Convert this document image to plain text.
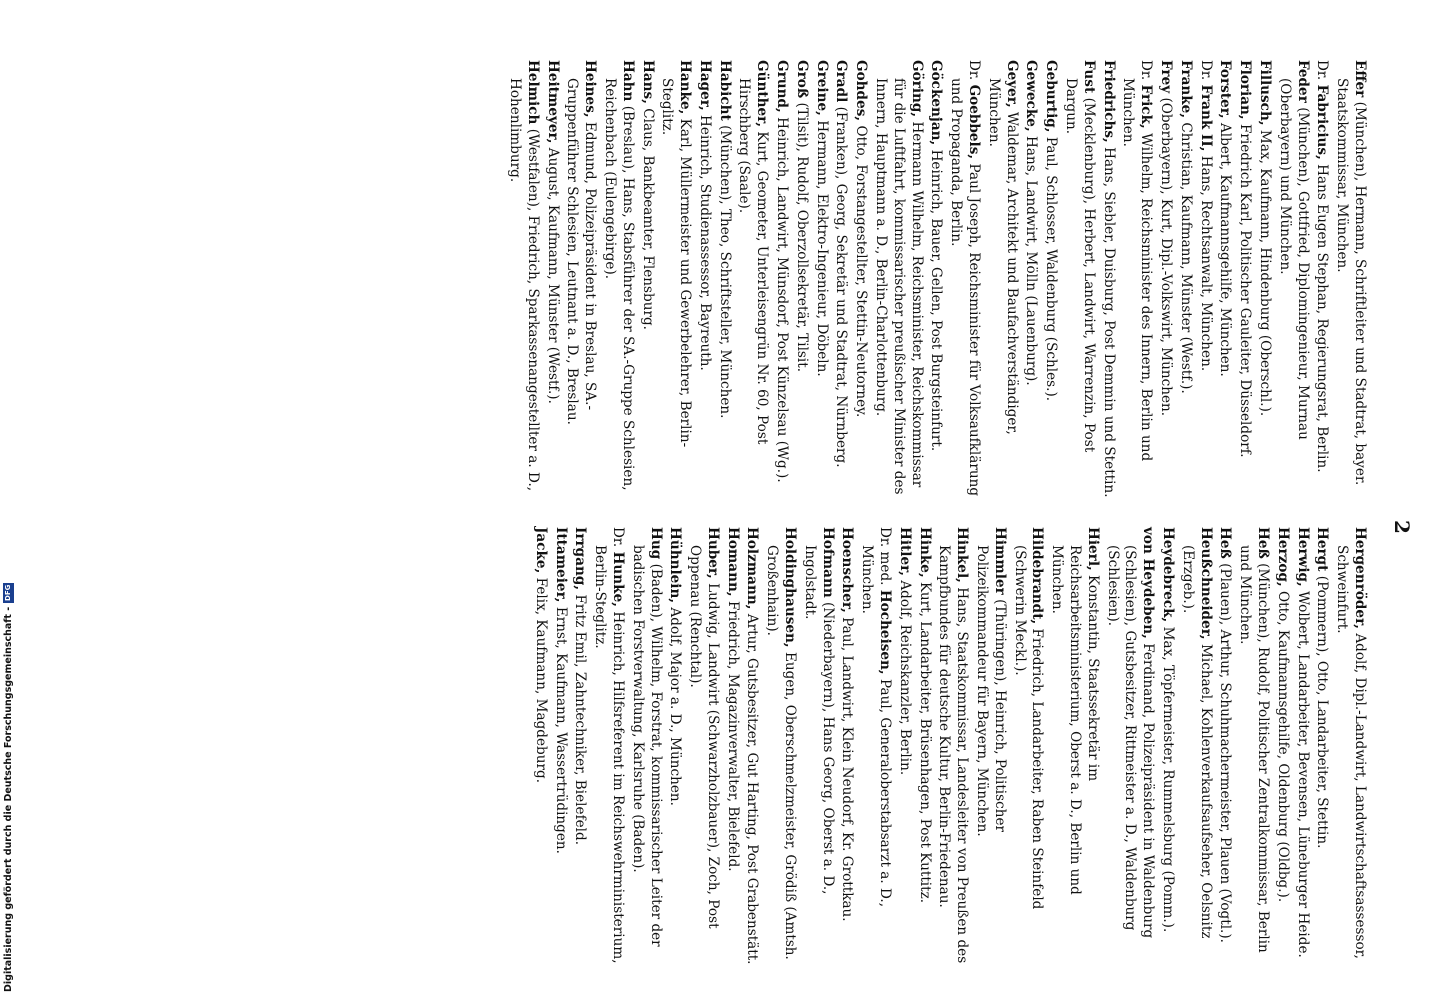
2
Effer (München), Hermann, Schriftleiter und Stadtrat, bayer. Staatskommissar, München.
Dr. Fabricius, Hans Eugen Stephan, Regierungsrat, Berlin.
Feder (München), Gottfried, Diplomingenieur, Murnau (Oberbayern) und München.
Fillusch, Max, Kaufmann, Hindenburg (Oberschl.).
Florian, Friedrich Karl, Politischer Gauleiter, Düsseldorf.
Forster, Albert, Kaufmannsgehilfe, München.
Dr. Frank II, Hans, Rechtsanwalt, München.
Franke, Christian, Kaufmann, Münster (Westf.).
Frey (Oberbayern), Kurt, Dipl.-Volkswirt, München.
Dr. Frick, Wilhelm, Reichsminister des Innern, Berlin und München.
Friedrichs, Hans, Siebler, Duisburg, Post Demmin und Stettin.
Fust (Mecklenburg), Herbert, Landwirt, Warrenzin, Post Dargun.
Geburtig, Paul, Schlosser, Waldenburg (Schles.).
Gewecke, Hans, Landwirt, Mölln (Lauenburg).
Geyer, Waldemar, Architekt und Baufachverständiger, München.
Dr. Goebbels, Paul Joseph, Reichsminister für Volksaufklärung und Propaganda, Berlin.
Göckenjan, Heinrich, Bauer, Gellen, Post Burgsteinfurt.
Göring, Hermann Wilhelm, Reichsminister, Reichskommissar für die Luftfahrt, kommissarischer preußischer Minister des Innern, Hauptmann a. D., Berlin-Charlottenburg.
Gohdes, Otto, Forstangestellter, Stettin-Neutorney.
Gradl (Franken), Georg, Sekretär und Stadtrat, Nürnberg.
Greine, Hermann, Elektro-Ingenieur, Döbeln.
Groß (Tilsit), Rudolf, Oberzollsekretär, Tilsit.
Grund, Heinrich, Landwirt, Münsdorf, Post Künzelsau (Wg.).
Günther, Kurt, Geometer, Unterleisengrün Nr. 60, Post Hirschberg (Saale).
Habicht (München), Theo, Schriftsteller, München.
Hager, Heinrich, Studienassessor, Bayreuth.
Hanke, Karl, Müllermeister und Gewerbelehrer, Berlin-Steglitz.
Hans, Claus, Bankbeamter, Flensburg.
Hahn (Breslau), Hans, Stabsführer der SA.-Gruppe Schlesien, Reichenbach (Eulengebirge).
Heines, Edmund, Polizeipräsident in Breslau, SA.-Gruppenführer Schlesien, Leutnant a. D., Breslau.
Heitmeyer, August, Kaufmann, Münster (Westf.).
Helmich (Westfalen), Friedrich, Sparkassenangestellter a. D., Hohenlimburg.
Hergenröder, Adolf, Dipl.-Landwirt, Landwirtschaftsassessor, Schweinfurt.
Hergt (Pommern), Otto, Landarbeiter, Stettin.
Herwig, Wolbert, Landarbeiter, Bevensen, Lüneburger Heide.
Herzog, Otto, Kaufmannsgehilfe, Oldenburg (Oldbg.).
Heß (München), Rudolf, Politischer Zentralkommissar, Berlin und München.
Heß (Plauen), Arthur, Schuhmachermeister, Plauen (Vogtl.).
Heußchneider, Michael, Kohlenverkaufsaufseher, Oelsnitz (Erzgeb.).
Heydebreck, Max, Töpfermeister, Rummelsburg (Pomm.).
von Heydeben, Ferdinand, Polizeipräsident in Waldenburg (Schlesien), Gutsbesitzer, Rittmeister a. D., Waldenburg (Schlesien).
Hierl, Konstantin, Staatssekretär im Reichsarbeitsministerium, Oberst a. D., Berlin und München.
Hildebrandt, Friedrich, Landarbeiter, Raben Steinfeld (Schwerin Meckl.).
Himmler (Thüringen), Heinrich, Politischer Polizeikommandeur für Bayern, München.
Hinkel, Hans, Staatskommissar, Landesleiter von Preußen des Kampfbundes für deutsche Kultur, Berlin-Friedenau.
Hinke, Kurt, Landarbeiter, Brüsenhagen, Post Kuttitz.
Hitler, Adolf, Reichskanzler, Berlin.
Dr. med. Hocheisen, Paul, Generaloberstabsarzt a. D., München.
Hoenscher, Paul, Landwirt, Klein Neudorf, Kr. Grottkau.
Hofmann (Niederbayern), Hans Georg, Oberst a. D., Ingolstadt.
Holdinghausen, Eugen, Oberschmelzmeister, Grödiß (Amtsh. Großenhain).
Holzmann, Artur, Gutsbesitzer, Gut Harting, Post Grabenstätt.
Homann, Friedrich, Magazinverwalter, Bielefeld.
Huber, Ludwig, Landwirt (Schwarzholzbauer), Zoch, Post Oppenau (Renchtal).
Hühnlein, Adolf, Major a. D., München.
Hug (Baden), Wilhelm, Forstrat, kommissarischer Leiter der badischen Forstverwaltung, Karlsruhe (Baden).
Dr. Hunke, Heinrich, Hilfsreferent im Reichswehrministerium, Berlin-Steglitz.
Irrgang, Fritz Emil, Zahntechniker, Bielefeld.
Ittameier, Ernst, Kaufmann, Wassertrüdingen.
Jacke, Felix, Kaufmann, Magdeburg.
Digitalisierung gefördert durch die Deutsche Forschungsgemeinschaft -
DFG
